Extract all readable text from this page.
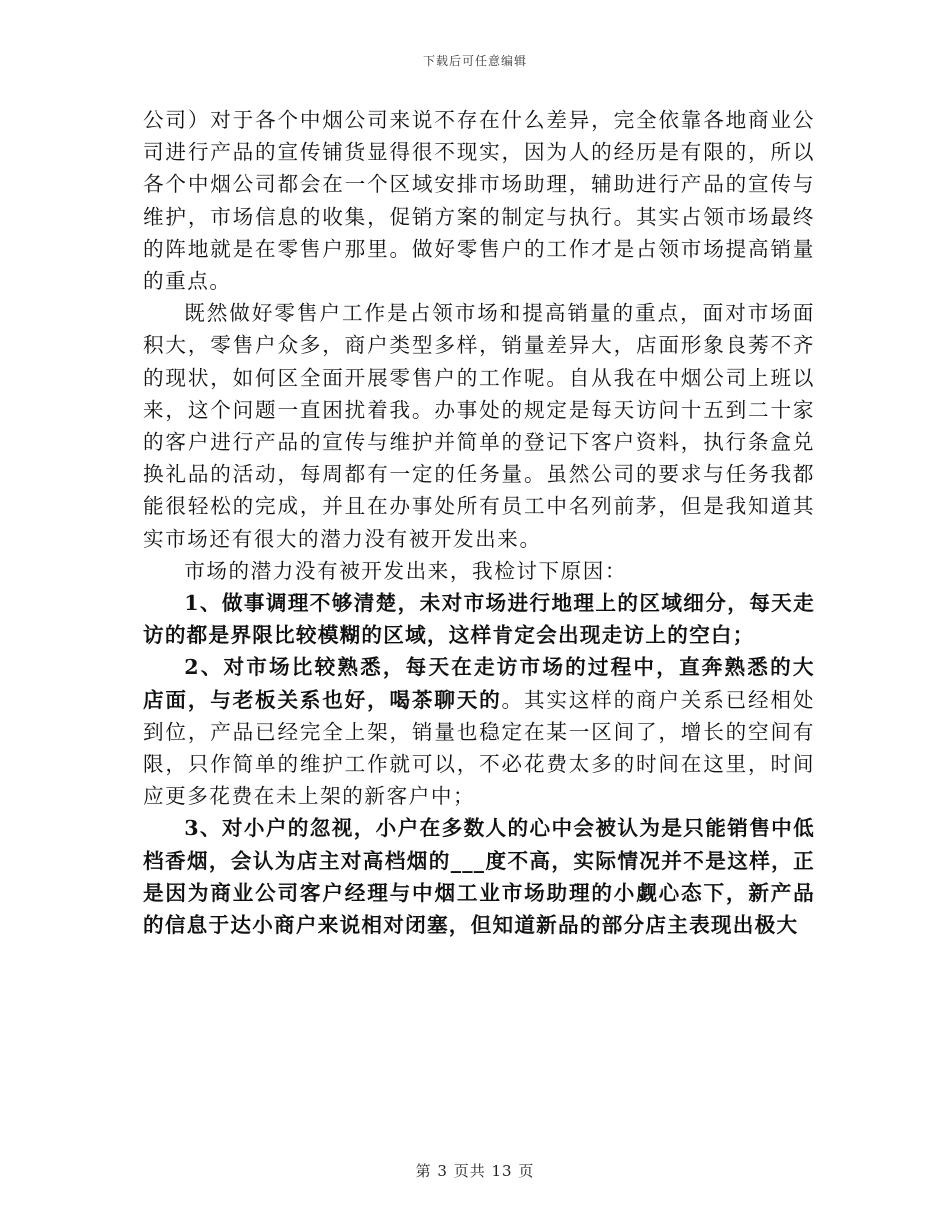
下载后可任意编辑

公司）对于各个中烟公司来说不存在什么差异，完全依靠各地商业公司进行产品的宣传铺货显得很不现实，因为人的经历是有限的，所以各个中烟公司都会在一个区域安排市场助理，辅助进行产品的宣传与维护，市场信息的收集，促销方案的制定与执行。其实占领市场最终的阵地就是在零售户那里。做好零售户的工作才是占领市场提高销量的重点。

既然做好零售户工作是占领市场和提高销量的重点，面对市场面积大，零售户众多，商户类型多样，销量差异大，店面形象良莠不齐的现状，如何区全面开展零售户的工作呢。自从我在中烟公司上班以来，这个问题一直困扰着我。办事处的规定是每天访问十五到二十家的客户进行产品的宣传与维护并简单的登记下客户资料，执行条盒兑换礼品的活动，每周都有一定的任务量。虽然公司的要求与任务我都能很轻松的完成，并且在办事处所有员工中名列前茅，但是我知道其实市场还有很大的潜力没有被开发出来。

市场的潜力没有被开发出来，我检讨下原因：

1、做事调理不够清楚，未对市场进行地理上的区域细分，每天走访的都是界限比较模糊的区域，这样肯定会出现走访上的空白；

2、对市场比较熟悉，每天在走访市场的过程中，直奔熟悉的大店面，与老板关系也好，喝茶聊天的。其实这样的商户关系已经相处到位，产品已经完全上架，销量也稳定在某一区间了，增长的空间有限，只作简单的维护工作就可以，不必花费太多的时间在这里，时间应更多花费在未上架的新客户中；

3、对小户的忽视，小户在多数人的心中会被认为是只能销售中低档香烟，会认为店主对高档烟的___度不高，实际情况并不是这样，正是因为商业公司客户经理与中烟工业市场助理的小觑心态下，新产品的信息于达小商户来说相对闭塞，但知道新品的部分店主表现出极大

第 3 页共 13 页
